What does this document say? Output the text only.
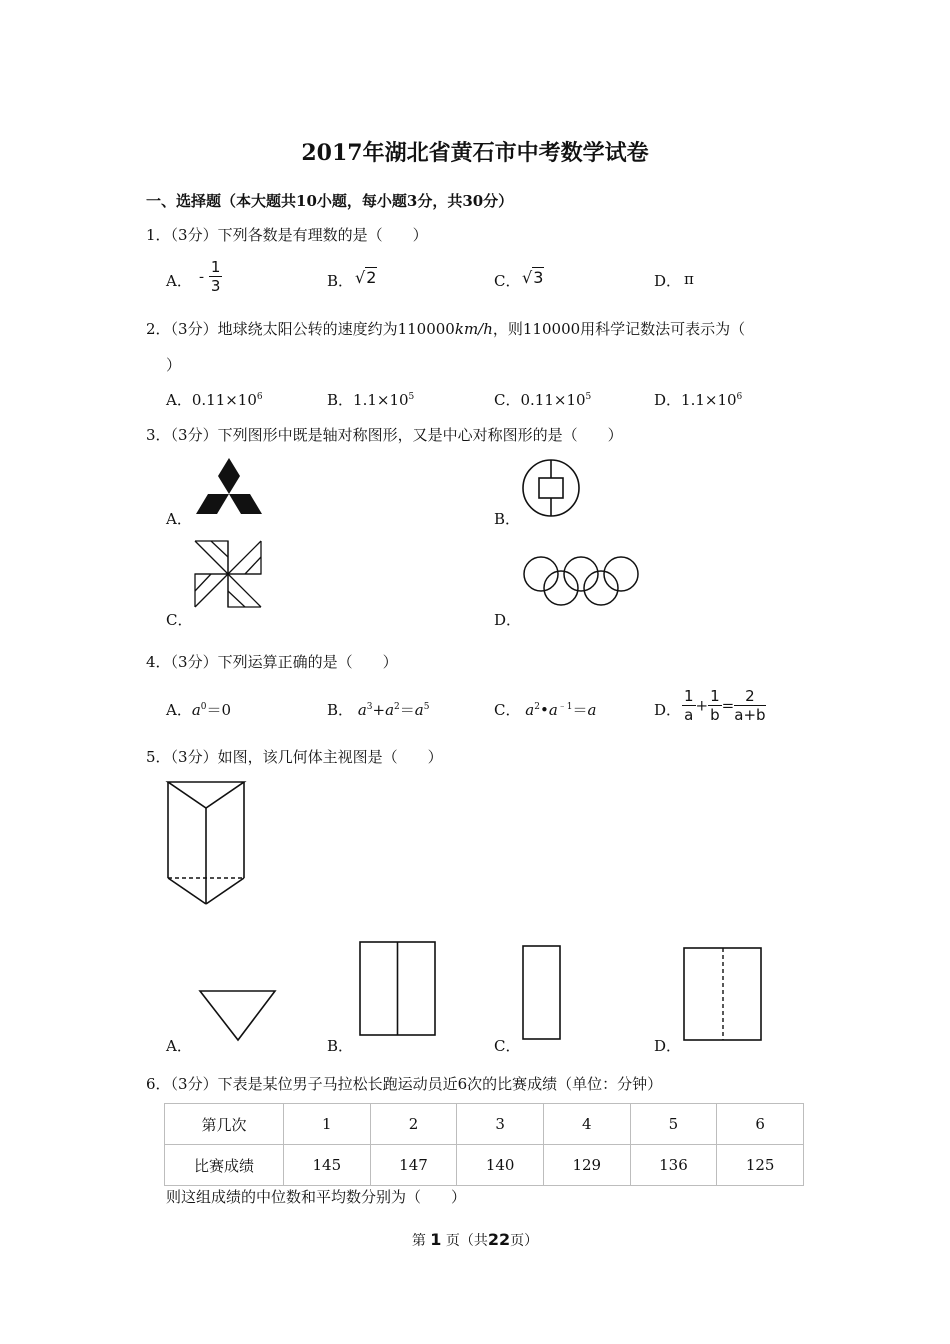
2017年湖北省黄石市中考数学试卷
一、选择题（本大题共10小题，每小题3分，共30分）
1．（3分）下列各数是有理数的是（　　）
A． - $\frac{1}{3}$	B． √2	C． √3	D． π
2．（3分）地球绕太阳公转的速度约为110000km/h，则110000用科学记数法可表示为（
）
A．$0.11\times 10^6$	B．$1.1\times 10^5$	C．$0.11\times 10^5$	D．$1.1\times 10^6$
3．（3分）下列图形中既是轴对称图形，又是中心对称图形的是（　　）
A．	B．
C．	D．
4．（3分）下列运算正确的是（　　）
A．$a^0=0$	B． $a^3+a^2=a^5$	C． $a^2•a^{﹣1}=a$	D． $\frac{1}{a} + \frac{1}{b} = \frac{2}{a+b}$
5．（3分）如图，该几何体主视图是（　　）
A．	B．	C．	D．
6．（3分）下表是某位男子马拉松长跑运动员近6次的比赛成绩（单位：分钟）
第几次	1	2	3	4	5	6
比赛成绩	145	147	140	129	136	125
则这组成绩的中位数和平均数分别为（　　）
第 1 页（共22页）
